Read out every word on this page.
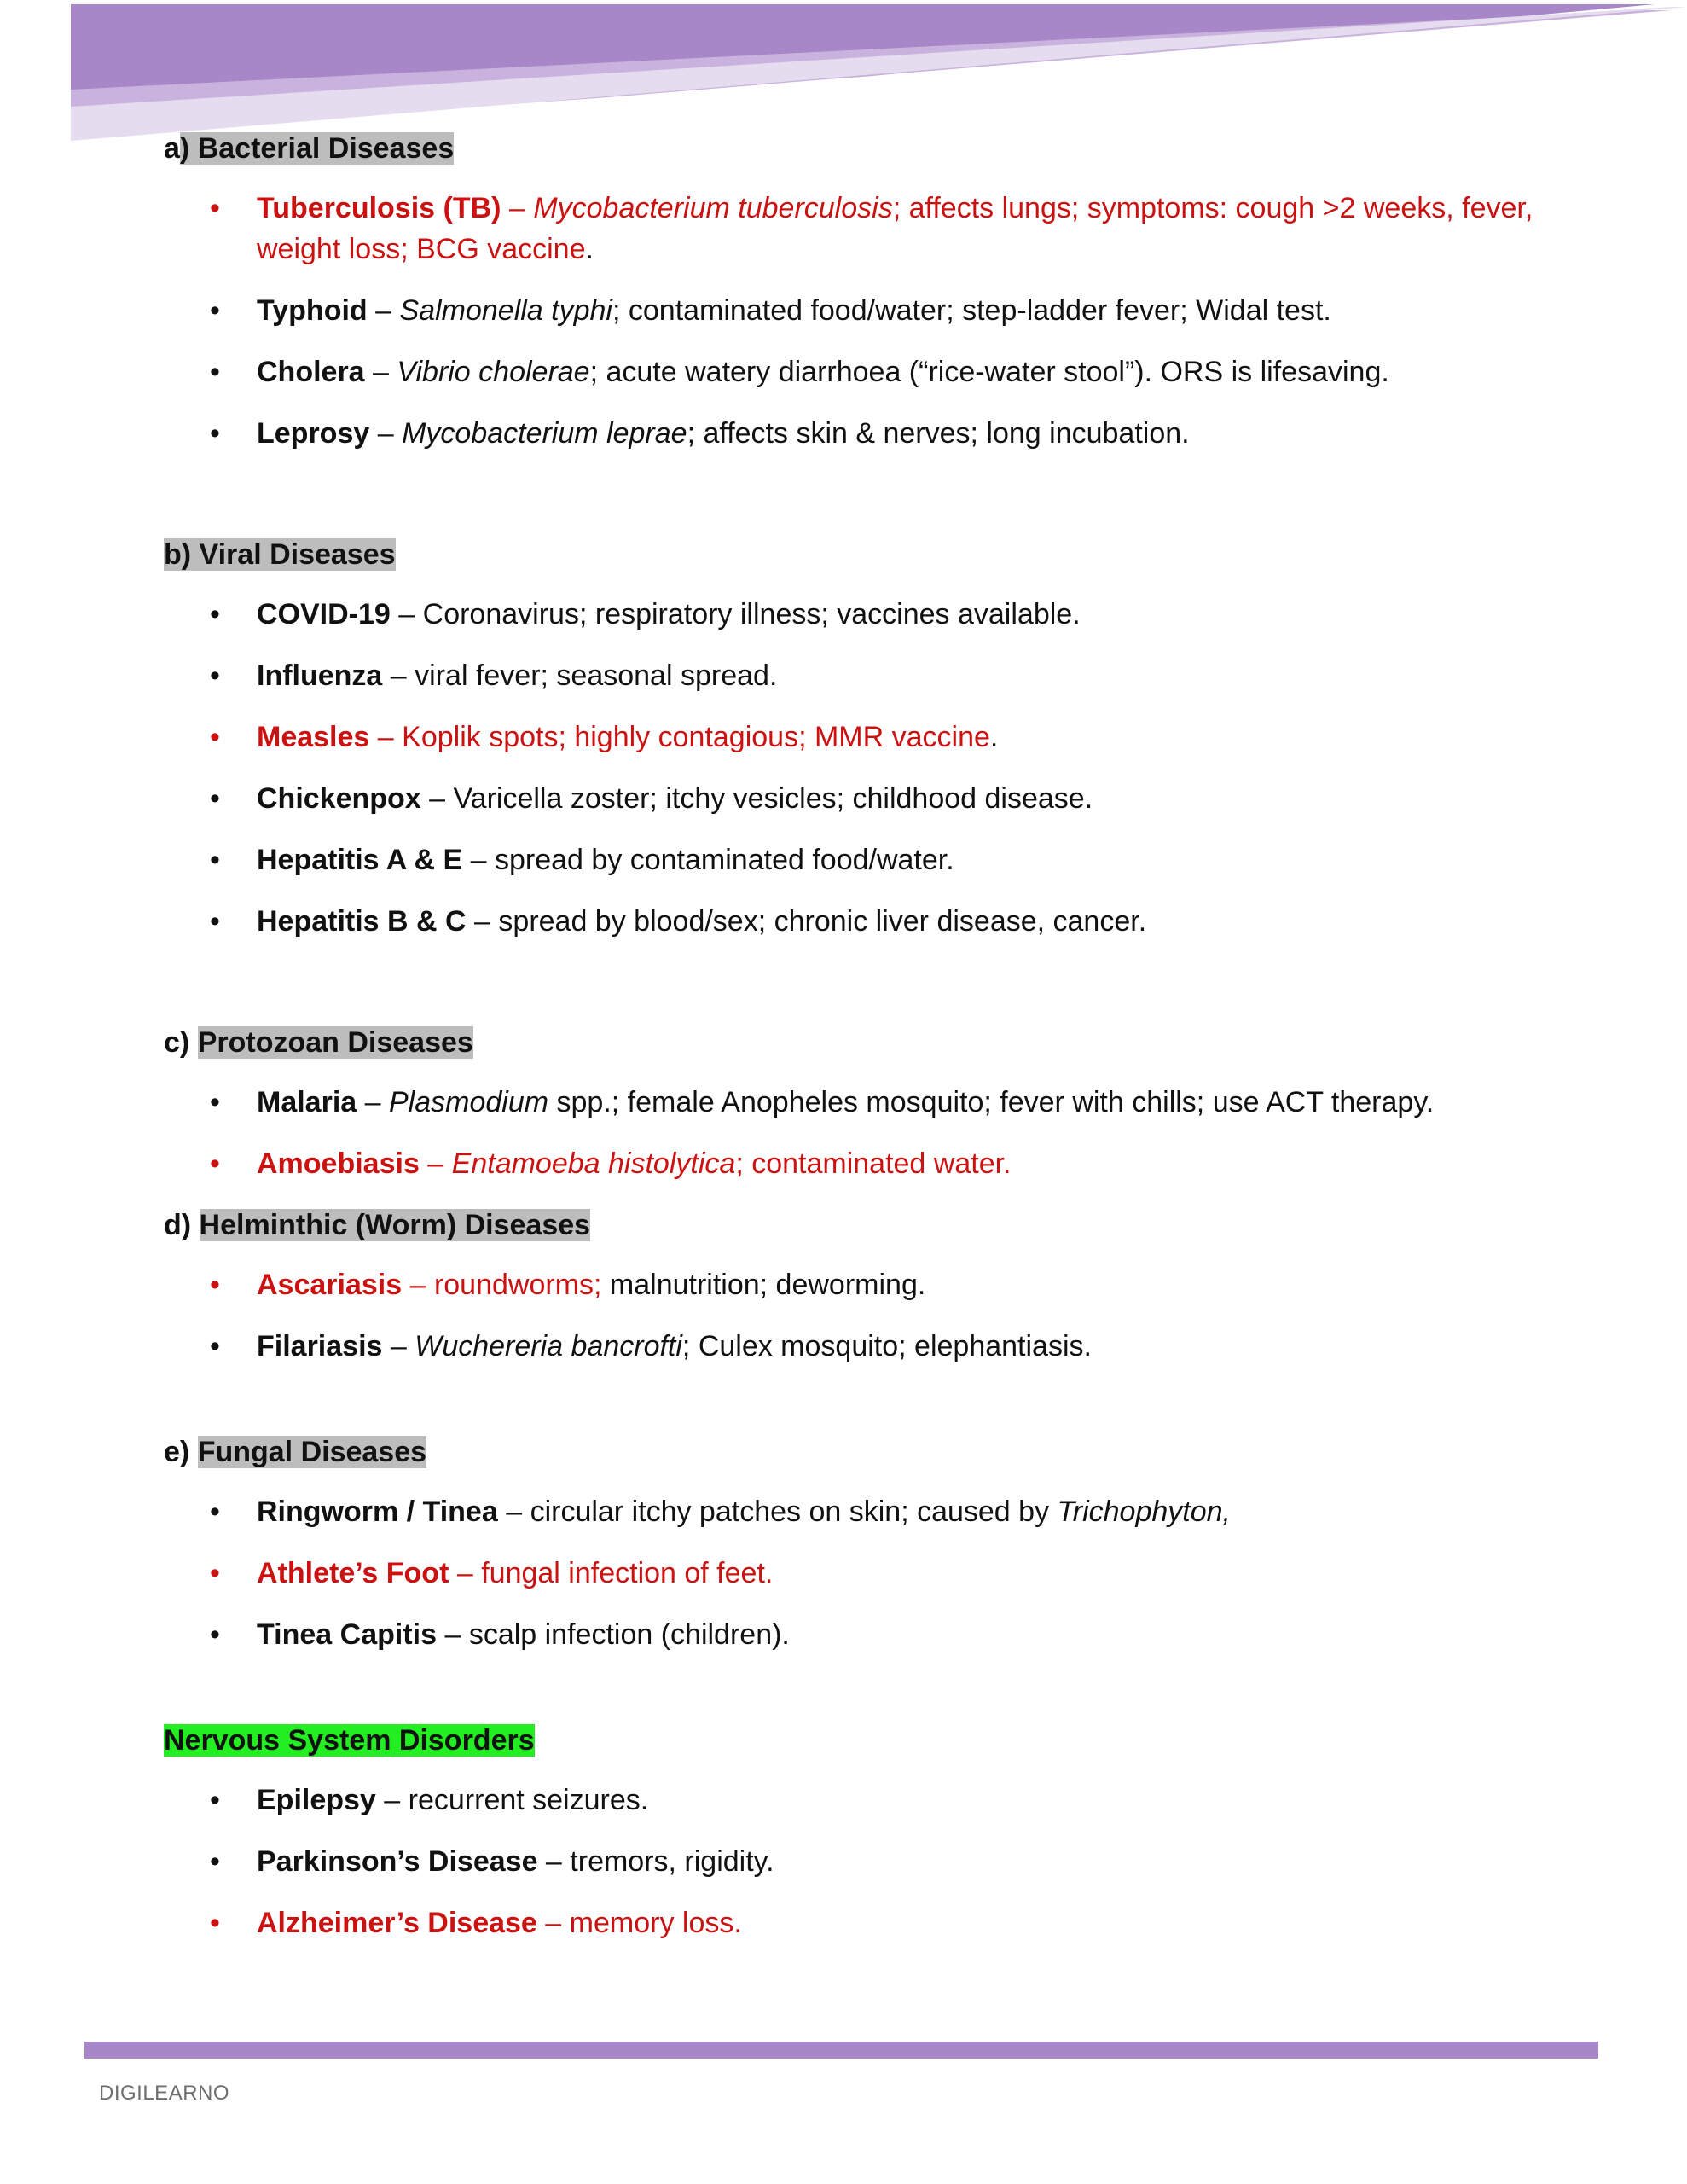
a) Bacterial Diseases

• Tuberculosis (TB) – Mycobacterium tuberculosis; affects lungs; symptoms: cough >2 weeks, fever, weight loss; BCG vaccine.
• Typhoid – Salmonella typhi; contaminated food/water; step-ladder fever; Widal test.
• Cholera – Vibrio cholerae; acute watery diarrhoea (“rice-water stool”). ORS is lifesaving.
• Leprosy – Mycobacterium leprae; affects skin & nerves; long incubation.

b) Viral Diseases

• COVID-19 – Coronavirus; respiratory illness; vaccines available.
• Influenza – viral fever; seasonal spread.
• Measles – Koplik spots; highly contagious; MMR vaccine.
• Chickenpox – Varicella zoster; itchy vesicles; childhood disease.
• Hepatitis A & E – spread by contaminated food/water.
• Hepatitis B & C – spread by blood/sex; chronic liver disease, cancer.

c) Protozoan Diseases

• Malaria – Plasmodium spp.; female Anopheles mosquito; fever with chills; use ACT therapy.
• Amoebiasis – Entamoeba histolytica; contaminated water.

d) Helminthic (Worm) Diseases

• Ascariasis – roundworms; malnutrition; deworming.
• Filariasis – Wuchereria bancrofti; Culex mosquito; elephantiasis.

e) Fungal Diseases

• Ringworm / Tinea – circular itchy patches on skin; caused by Trichophyton,
• Athlete’s Foot – fungal infection of feet.
• Tinea Capitis – scalp infection (children).

Nervous System Disorders

• Epilepsy – recurrent seizures.
• Parkinson’s Disease – tremors, rigidity.
• Alzheimer’s Disease – memory loss.
DIGILEARNO
